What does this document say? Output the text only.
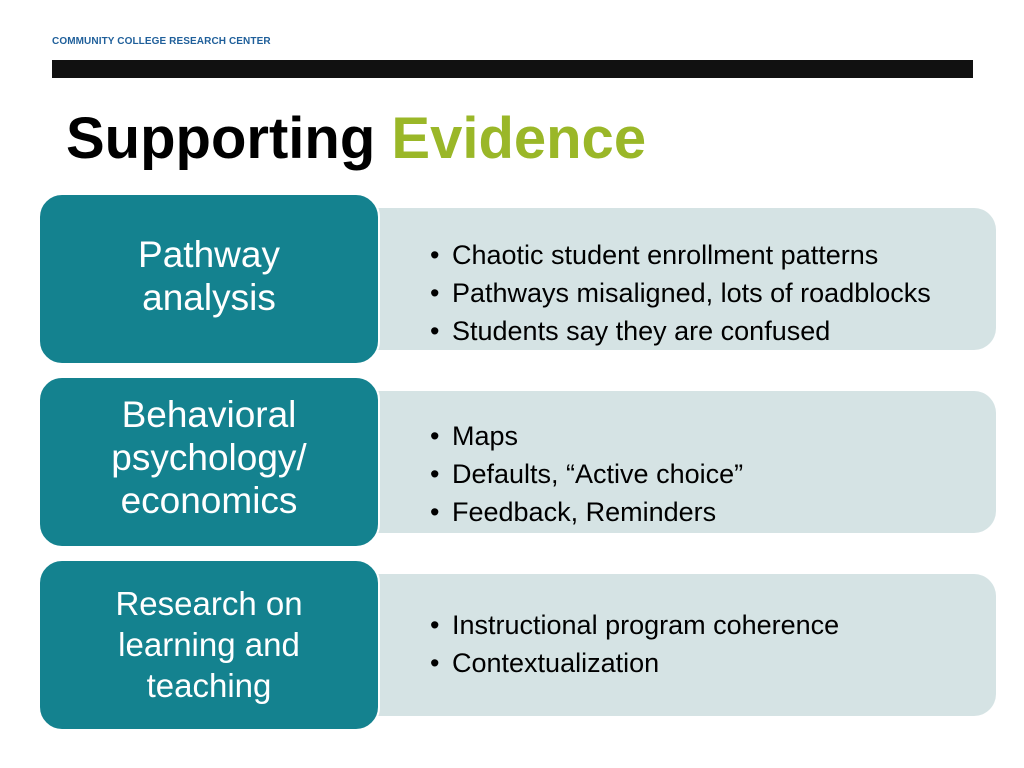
COMMUNITY COLLEGE RESEARCH CENTER
Supporting Evidence
• Chaotic student enrollment patterns
• Pathways misaligned, lots of roadblocks
• Students say they are confused
Pathway
analysis
• Maps
• Defaults, “Active choice”
• Feedback, Reminders
Behavioral
psychology/
economics
• Instructional program coherence
• Contextualization
Research on
learning and
teaching
